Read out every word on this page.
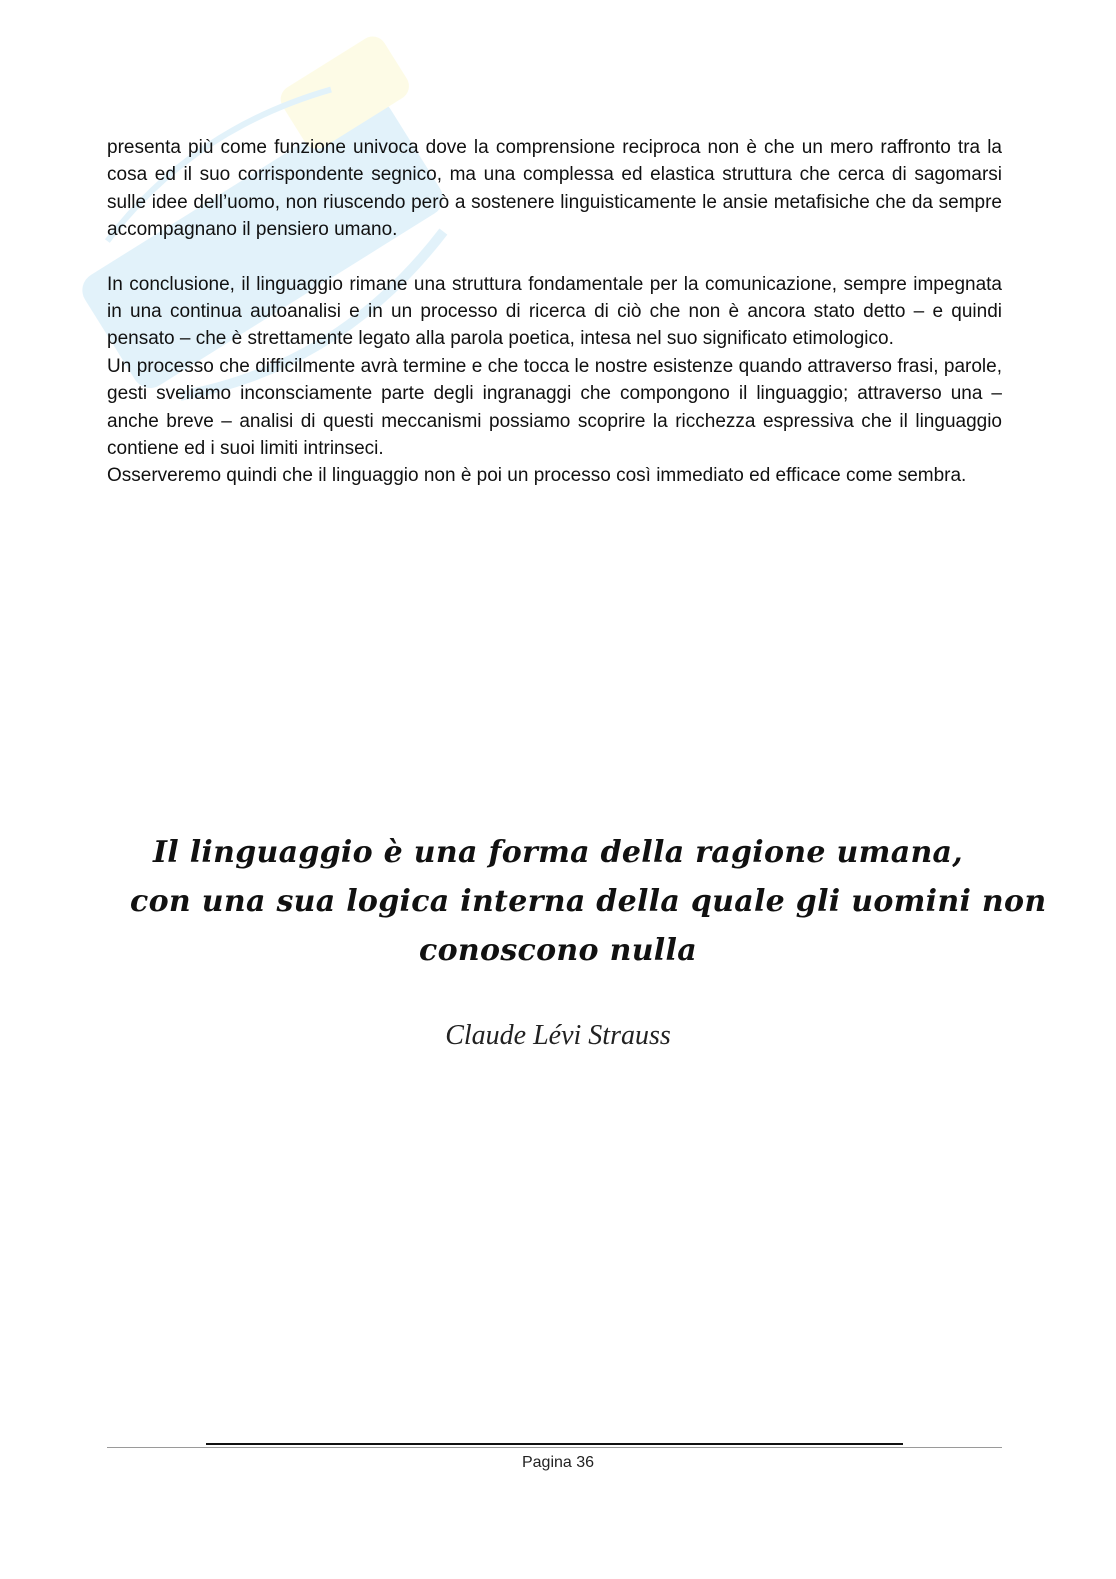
presenta più come funzione univoca dove la comprensione reciproca non è che un mero raffronto tra la cosa ed il suo corrispondente segnico, ma una complessa ed elastica struttura che cerca di sagomarsi sulle idee dell’uomo, non riuscendo però a sostenere linguisticamente le ansie metafisiche che da sempre accompagnano il pensiero umano.

In conclusione, il linguaggio rimane una struttura fondamentale per la comunicazione, sempre impegnata in una continua autoanalisi e in un processo di ricerca di ciò che non è ancora stato detto – e quindi pensato – che è strettamente legato alla parola poetica, intesa nel suo significato etimologico.

Un processo che difficilmente avrà termine e che tocca le nostre esistenze quando attraverso frasi, parole, gesti sveliamo inconsciamente parte degli ingranaggi che compongono il linguaggio; attraverso una – anche breve – analisi di questi meccanismi possiamo scoprire la ricchezza espressiva che il linguaggio contiene ed i suoi limiti intrinseci.

Osserveremo quindi che il linguaggio non è poi un processo così immediato ed efficace come sembra.

Il linguaggio è una forma della ragione umana,
con una sua logica interna della quale gli uomini non
conoscono nulla
Claude Lévi Strauss
Pagina 36
